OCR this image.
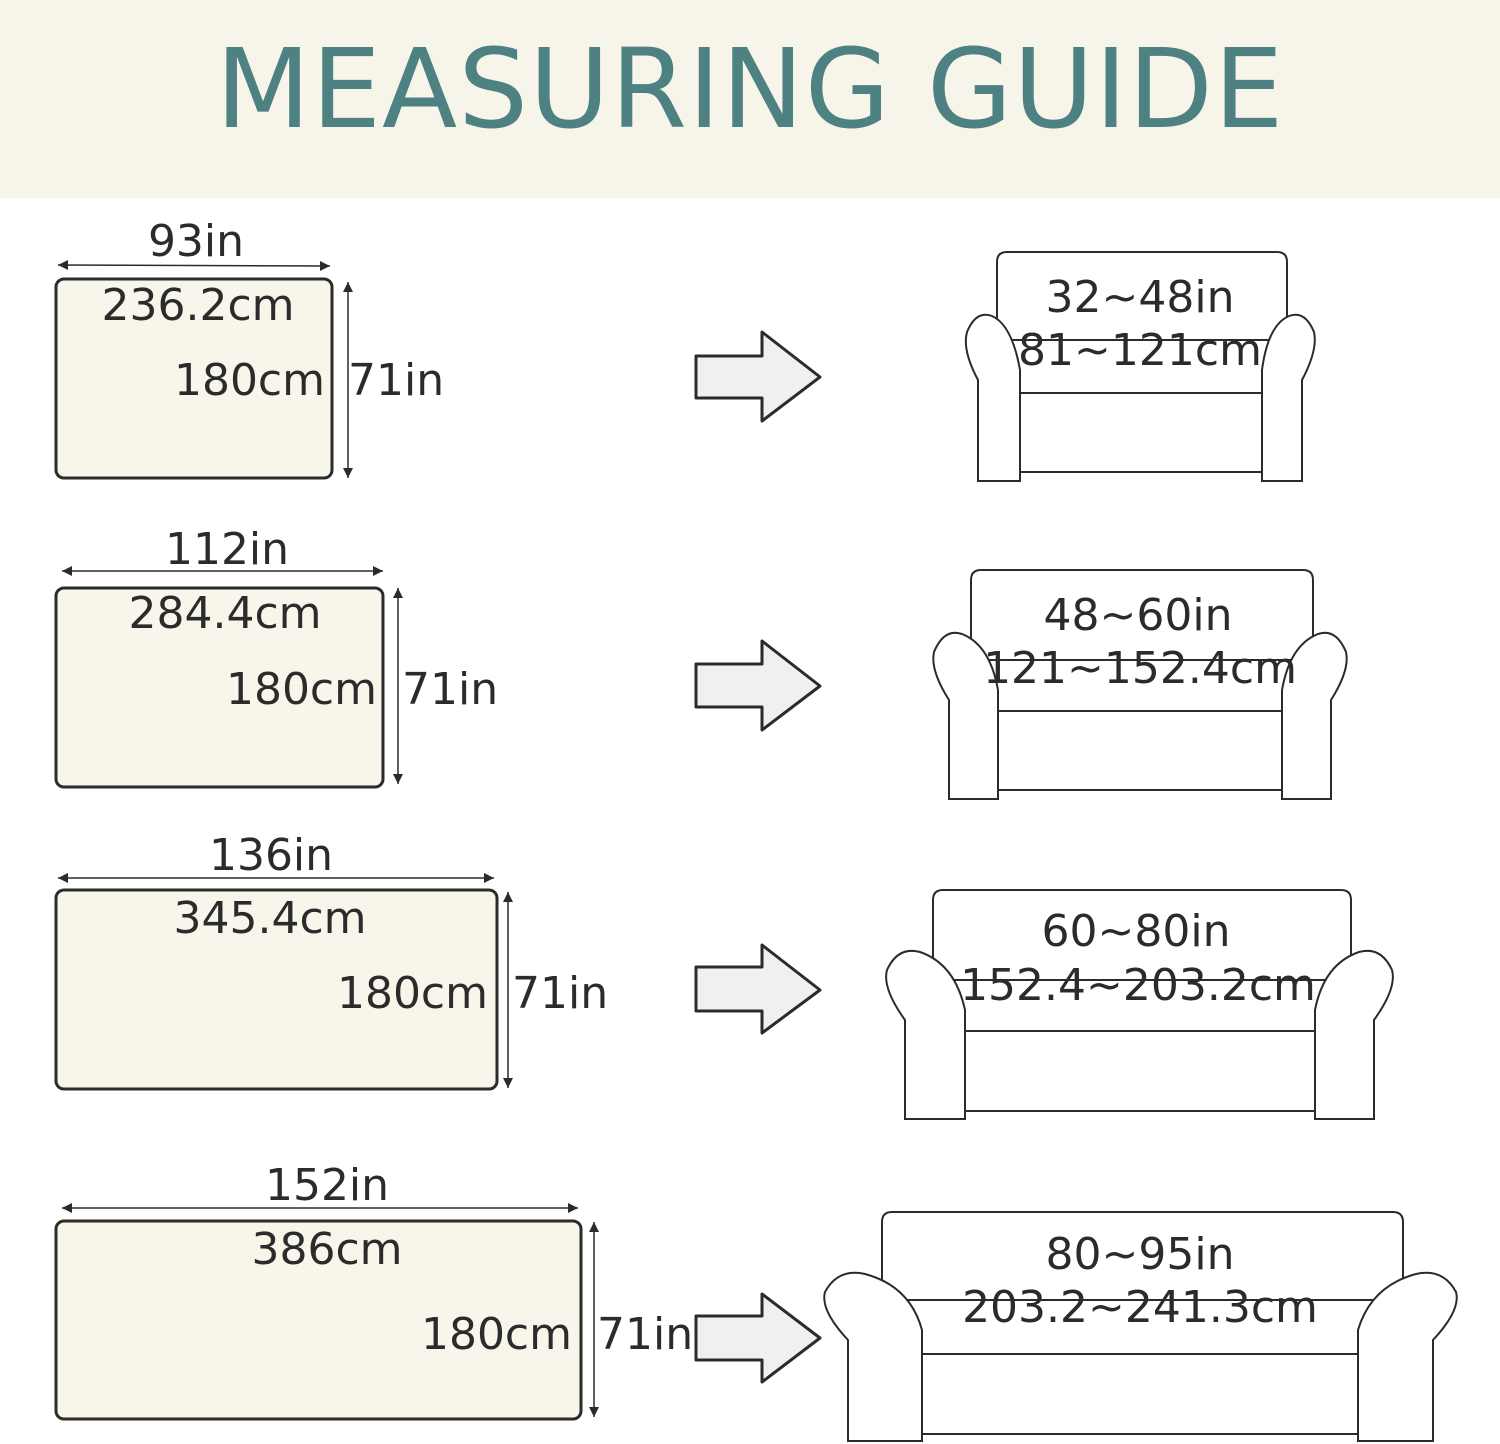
MEASURING GUIDE
93in
236.2cm
180cm 71in
32~48in
81~121cm
112in
284.4cm
180cm 71in
48~60in
121~152.4cm
136in
345.4cm
180cm 71in
60~80in
152.4~203.2cm
152in
386cm
180cm 71in
80~95in
203.2~241.3cm
